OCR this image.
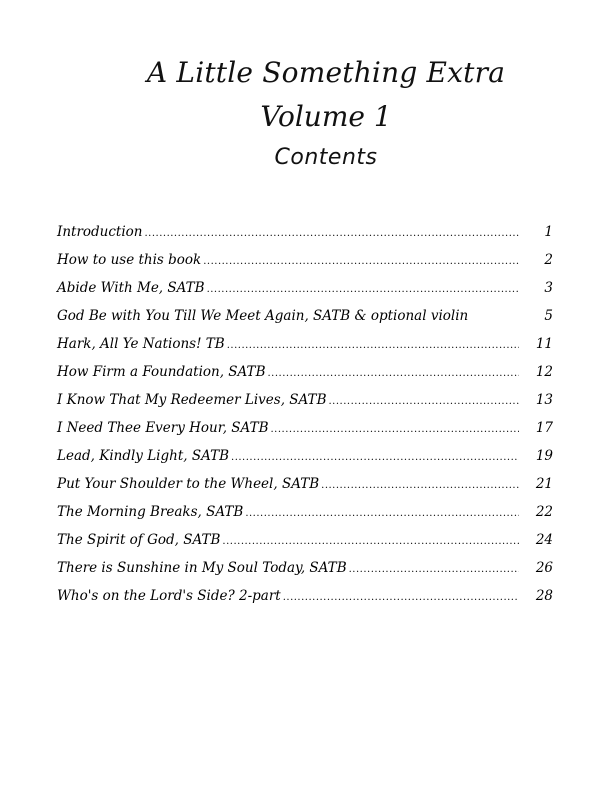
A Little Something Extra
Volume 1
Contents
Introduction .....	1
How to use this book .....	2
Abide With Me, SATB .....	3
God Be with You Till We Meet Again, SATB & optional violin	5
Hark, All Ye Nations! TB .....	11
How Firm a Foundation, SATB .....	12
I Know That My Redeemer Lives, SATB .....	13
I Need Thee Every Hour, SATB .....	17
Lead, Kindly Light, SATB .....	19
Put Your Shoulder to the Wheel, SATB .....	21
The Morning Breaks, SATB .....	22
The Spirit of God, SATB .....	24
There is Sunshine in My Soul Today, SATB .....	26
Who's on the Lord's Side? 2-part .....	28
